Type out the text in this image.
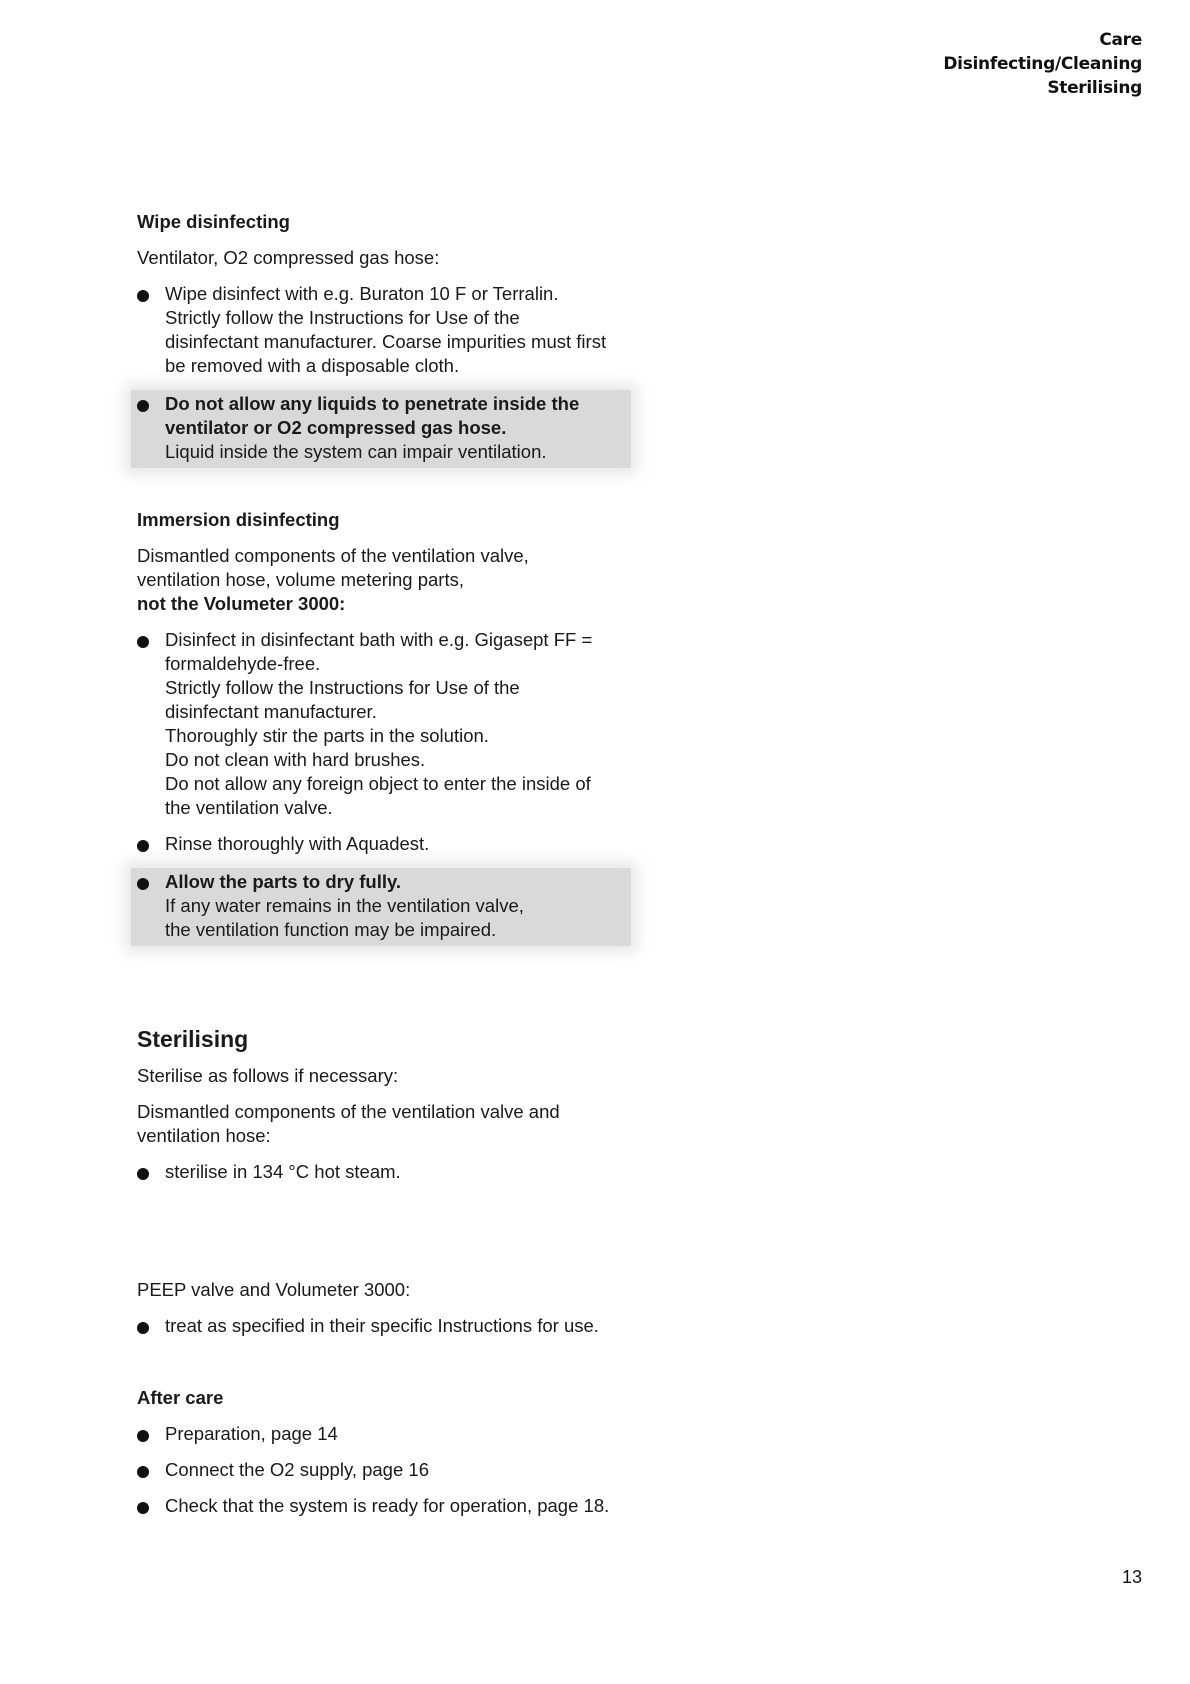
Care
Disinfecting/Cleaning
Sterilising
Wipe disinfecting
Ventilator, O2 compressed gas hose:
Wipe disinfect with e.g. Buraton 10 F or Terralin.
Strictly follow the Instructions for Use of the
disinfectant manufacturer. Coarse impurities must first
be removed with a disposable cloth.
Do not allow any liquids to penetrate inside the
ventilator or O2 compressed gas hose.
Liquid inside the system can impair ventilation.
Immersion disinfecting
Dismantled components of the ventilation valve,
ventilation hose, volume metering parts,
not the Volumeter 3000:
Disinfect in disinfectant bath with e.g. Gigasept FF =
formaldehyde-free.
Strictly follow the Instructions for Use of the
disinfectant manufacturer.
Thoroughly stir the parts in the solution.
Do not clean with hard brushes.
Do not allow any foreign object to enter the inside of
the ventilation valve.
Rinse thoroughly with Aquadest.
Allow the parts to dry fully.
If any water remains in the ventilation valve,
the ventilation function may be impaired.
Sterilising
Sterilise as follows if necessary:
Dismantled components of the ventilation valve and
ventilation hose:
sterilise in 134 °C hot steam.
PEEP valve and Volumeter 3000:
treat as specified in their specific Instructions for use.
After care
Preparation, page 14
Connect the O2 supply, page 16
Check that the system is ready for operation, page 18.
13
